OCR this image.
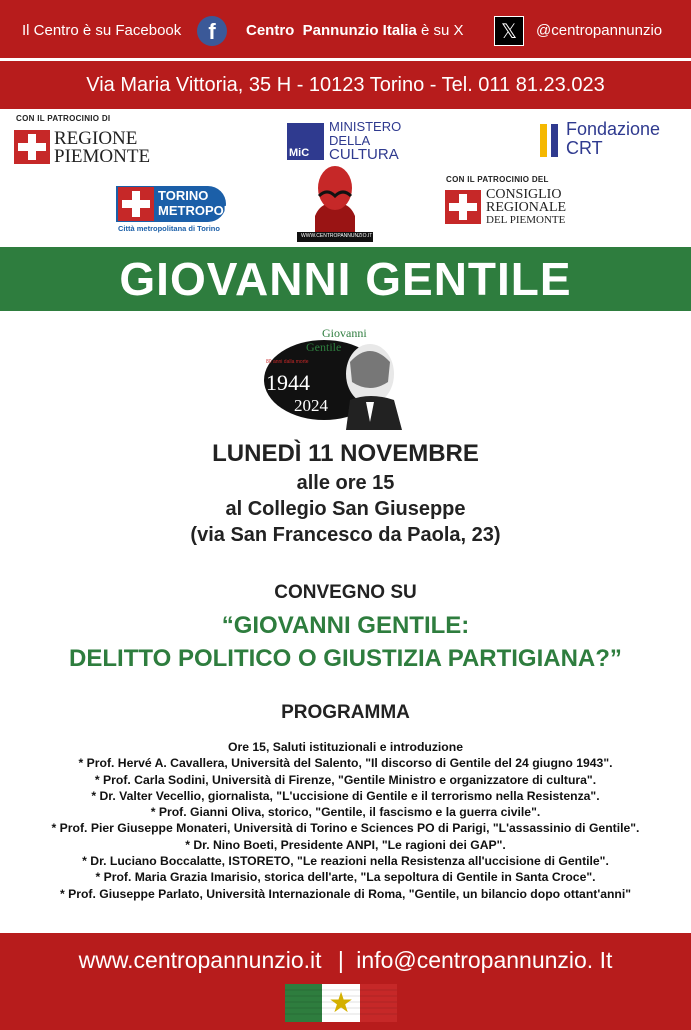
Il Centro è su Facebook	f	Centro  Pannunzio Italia è su X	𝕏	@centropannunzio
Via Maria Vittoria, 35 H - 10123 Torino - Tel. 011 81.23.023
CON IL PATROCINIO DI
REGIONE
PIEMONTE	MiC
MINISTERO
DELLA
CULTURA
Fondazione
CRT
TORINO
METROPOLI
Città metropolitana di Torino
WWW.CENTROPANNUNZIO.IT
CON IL PATROCINIO DEL
CONSIGLIO
REGIONALE
DEL PIEMONTE
GIOVANNI GENTILE
Giovanni
Gentile
80 anni dalla morte
1944
2024
LUNEDÌ 11 NOVEMBRE
alle ore 15
al Collegio San Giuseppe
(via San Francesco da Paola, 23)
CONVEGNO SU
“GIOVANNI GENTILE:
DELITTO POLITICO O GIUSTIZIA PARTIGIANA?”
PROGRAMMA
Ore 15, Saluti istituzionali e introduzione
* Prof. Hervé A. Cavallera, Università del Salento, "Il discorso di Gentile del 24 giugno 1943".
* Prof. Carla Sodini, Università di Firenze, "Gentile Ministro e organizzatore di cultura".
* Dr. Valter Vecellio, giornalista, "L'uccisione di Gentile e il terrorismo nella Resistenza".
* Prof. Gianni Oliva, storico, "Gentile, il fascismo e la guerra civile".
* Prof. Pier Giuseppe Monateri, Università di Torino e Sciences PO di Parigi, "L'assassinio di Gentile".
* Dr. Nino Boeti, Presidente ANPI, "Le ragioni dei GAP".
* Dr. Luciano Boccalatte, ISTORETO, "Le reazioni nella Resistenza all'uccisione di Gentile".
* Prof. Maria Grazia Imarisio, storica dell'arte, "La sepoltura di Gentile in Santa Croce".
* Prof. Giuseppe Parlato, Università Internazionale di Roma, "Gentile, un bilancio dopo ottant'anni"
www.centropannunzio.it | info@centropannunzio. It
★
